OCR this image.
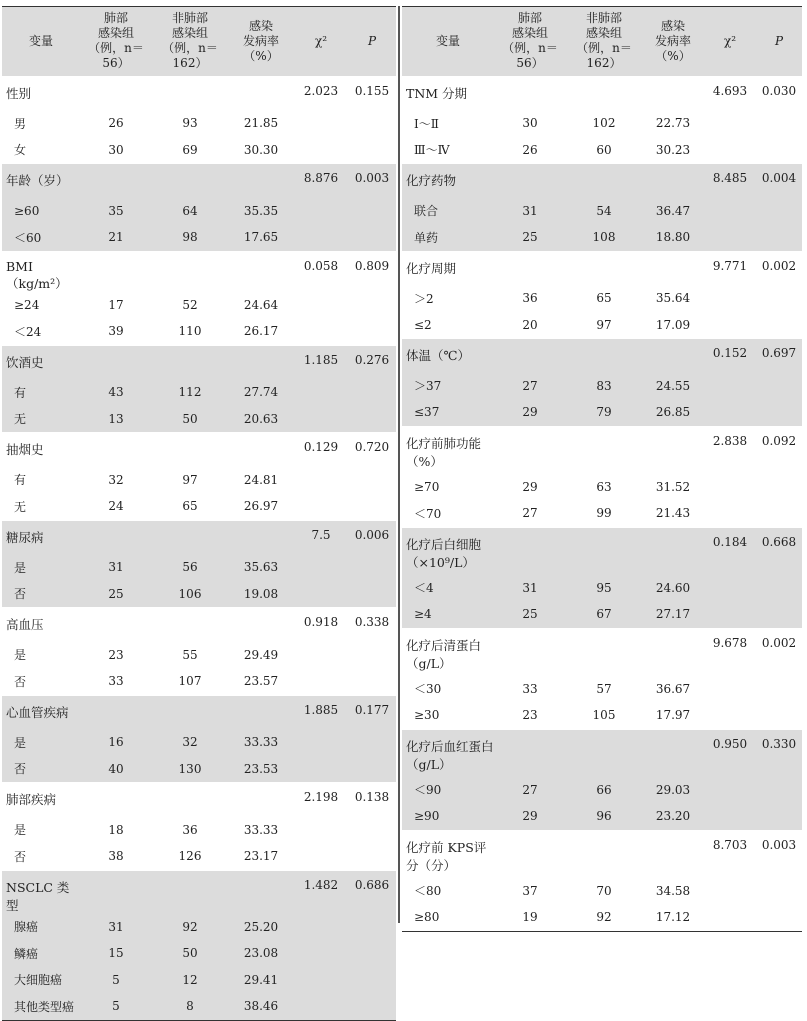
变量	肺部
感染组
（例，n＝56）	非肺部
感染组
（例，n＝162）	感染
发病率
（%）	χ²	P
性别				2.023	0.155
男	26	93	21.85		
女	30	69	30.30		
年龄（岁）				8.876	0.003
≥60	35	64	35.35		
＜60	21	98	17.65		
BMI（kg/m²）				0.058	0.809
≥24	17	52	24.64		
＜24	39	110	26.17		
饮酒史				1.185	0.276
有	43	112	27.74		
无	13	50	20.63		
抽烟史				0.129	0.720
有	32	97	24.81		
无	24	65	26.97		
糖尿病				7.5	0.006
是	31	56	35.63		
否	25	106	19.08		
高血压				0.918	0.338
是	23	55	29.49		
否	33	107	23.57		
心血管疾病				1.885	0.177
是	16	32	33.33		
否	40	130	23.53		
肺部疾病				2.198	0.138
是	18	36	33.33		
否	38	126	23.17		
NSCLC 类型				1.482	0.686
腺癌	31	92	25.20		
鳞癌	15	50	23.08		
大细胞癌	5	12	29.41		
其他类型癌	5	8	38.46		
变量	肺部
感染组
（例，n＝56）	非肺部
感染组
（例，n＝162）	感染
发病率
（%）	χ²	P
TNM 分期				4.693	0.030
Ⅰ～Ⅱ	30	102	22.73		
Ⅲ～Ⅳ	26	60	30.23		
化疗药物				8.485	0.004
联合	31	54	36.47		
单药	25	108	18.80		
化疗周期				9.771	0.002
＞2	36	65	35.64		
≤2	20	97	17.09		
体温（℃）				0.152	0.697
＞37	27	83	24.55		
≤37	29	79	26.85		
化疗前肺功能（%）				2.838	0.092
≥70	29	63	31.52		
＜70	27	99	21.43		
化疗后白细胞（×10⁹/L）				0.184	0.668
＜4	31	95	24.60		
≥4	25	67	27.17		
化疗后清蛋白（g/L）				9.678	0.002
＜30	33	57	36.67		
≥30	23	105	17.97		
化疗后血红蛋白（g/L）				0.950	0.330
＜90	27	66	29.03		
≥90	29	96	23.20		
化疗前 KPS评分（分）				8.703	0.003
＜80	37	70	34.58		
≥80	19	92	17.12		
